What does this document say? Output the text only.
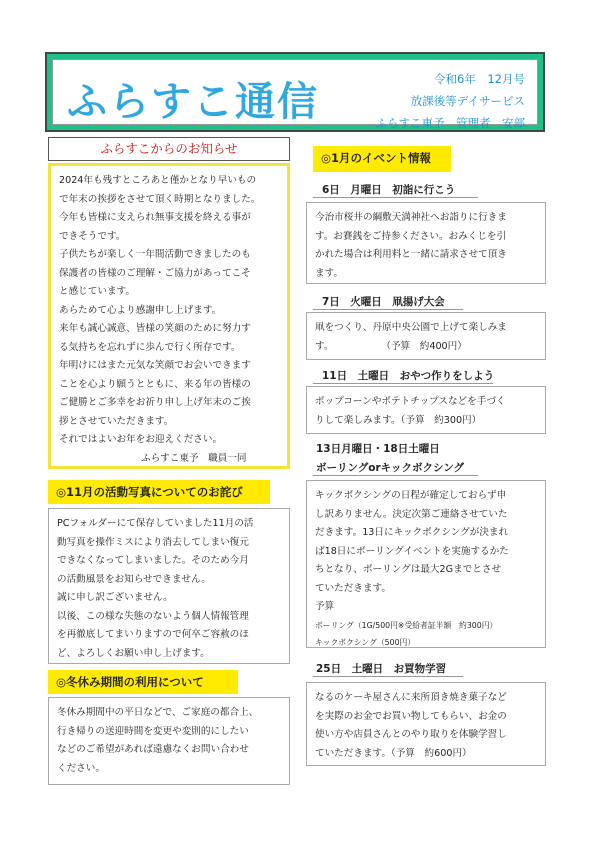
ふらすこ通信	令和6年　12月号
放課後等デイサービス
ふらすこ東予　管理者　安部
ふらすこからのお知らせ
2024年も残すところあと僅かとなり早いもの
で年末の挨拶をさせて頂く時期となりました。
今年も皆様に支えられ無事支援を終える事が
できそうです。
子供たちが楽しく一年間活動できましたのも
保護者の皆様のご理解・ご協力があってこそ
と感じています。
あらためて心より感謝申し上げます。
来年も誠心誠意、皆様の笑顔のために努力す
る気持ちを忘れずに歩んで行く所存です。
年明けにはまた元気な笑顔でお会いできます
ことを心より願うとともに、来る年の皆様の
ご健勝とご多幸をお祈り申し上げ年末のご挨
拶とさせていただきます。
それではよいお年をお迎えください。
ふらすこ東予　職員一同
◎11月の活動写真についてのお詫び
PCフォルダーにて保存していました11月の活
動写真を操作ミスにより消去してしまい復元
できなくなってしまいました。そのため今月
の活動風景をお知らせできません。
誠に申し訳ございません。
以後、この様な失態のないよう個人情報管理
を再徹底してまいりますので何卒ご容赦のほ
ど、よろしくお願い申し上げます。
◎冬休み期間の利用について
冬休み期間中の平日などで、ご家庭の都合上、
行き帰りの送迎時間を変更や変則的にしたい
などのご希望があれば遠慮なくお問い合わせ
ください。
◎1月のイベント情報
6日　月曜日　初詣に行こう
今治市桜井の綱敷天満神社へお詣りに行きま
す。お賽銭をご持参ください。おみくじを引
かれた場合は利用料と一緒に請求させて頂き
ます。
7日　火曜日　凧揚げ大会
凧をつくり、丹原中央公園で上げて楽しみま
す。　　　　　　（予算　約400円）
11日　土曜日　おやつ作りをしよう
ポップコーンやポテトチップスなどを手づく
りして楽しみます。（予算　約300円）
13日月曜日・18日土曜日
ボーリングorキックボクシング
キックボクシングの日程が確定しておらず申
し訳ありません。決定次第ご連絡させていた
だきます。13日にキックボクシングが決まれ
ば18日にボーリングイベントを実施するかた
ちとなり、ボーリングは最大2Gまでとさせ
ていただきます。
予算
ボーリング（1G/500円※受給者証半額　約300円）
キックボクシング（500円）
25日　土曜日　お買物学習
なるのケーキ屋さんに来所頂き焼き菓子など
を実際のお金でお買い物してもらい、お金の
使い方や店員さんとのやり取りを体験学習し
ていただきます。（予算　約600円）
